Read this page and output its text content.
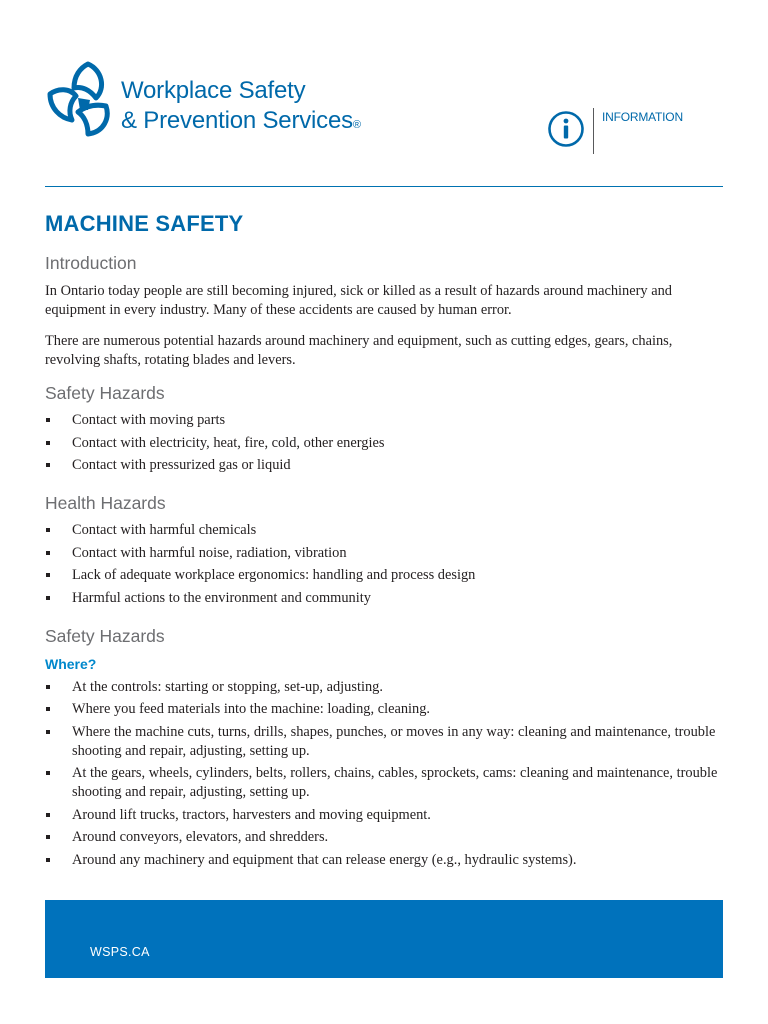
Workplace Safety
& Prevention Services®
INFORMATION
MACHINE SAFETY
Introduction

In Ontario today people are still becoming injured, sick or killed as a result of hazards around machinery and equipment in every industry. Many of these accidents are caused by human error.

There are numerous potential hazards around machinery and equipment, such as cutting edges, gears, chains, revolving shafts, rotating blades and levers.

Safety Hazards
Contact with moving parts
Contact with electricity, heat, fire, cold, other energies
Contact with pressurized gas or liquid
Health Hazards
Contact with harmful chemicals
Contact with harmful noise, radiation, vibration
Lack of adequate workplace ergonomics: handling and process design
Harmful actions to the environment and community
Safety Hazards
Where?
At the controls: starting or stopping, set-up, adjusting.
Where you feed materials into the machine: loading, cleaning.
Where the machine cuts, turns, drills, shapes, punches, or moves in any way: cleaning and maintenance, trouble shooting and repair, adjusting, setting up.
At the gears, wheels, cylinders, belts, rollers, chains, cables, sprockets, cams: cleaning and maintenance, trouble shooting and repair, adjusting, setting up.
Around lift trucks, tractors, harvesters and moving equipment.
Around conveyors, elevators, and shredders.
Around any machinery and equipment that can release energy (e.g., hydraulic systems).
WSPS.CA
